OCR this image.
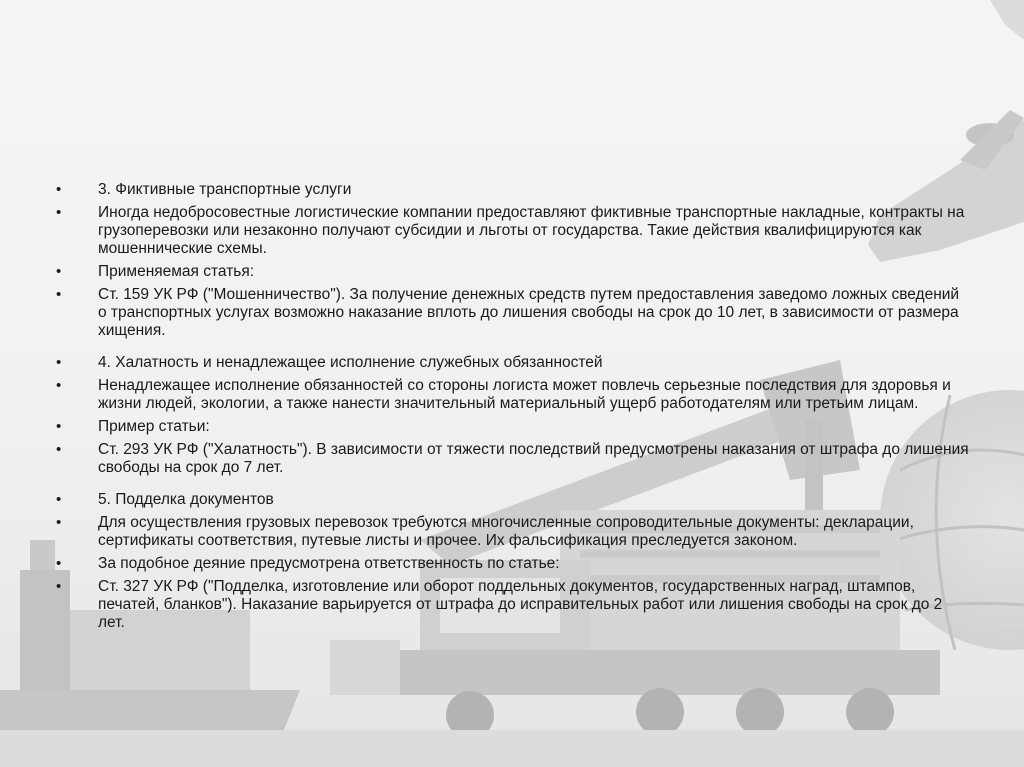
•	3. Фиктивные транспортные услуги
•	Иногда недобросовестные логистические компании предоставляют фиктивные транспортные накладные, контракты на грузоперевозки или незаконно получают субсидии и льготы от государства. Такие действия квалифицируются как мошеннические схемы.
•	Применяемая статья:
•	Ст. 159 УК РФ ("Мошенничество"). За получение денежных средств путем предоставления заведомо ложных сведений о транспортных услугах возможно наказание вплоть до лишения свободы на срок до 10 лет, в зависимости от размера хищения.
•	4. Халатность и ненадлежащее исполнение служебных обязанностей
•	Ненадлежащее исполнение обязанностей со стороны логиста может повлечь серьезные последствия для здоровья и жизни людей, экологии, а также нанести значительный материальный ущерб работодателям или третьим лицам.
•	Пример статьи:
•	Ст. 293 УК РФ ("Халатность"). В зависимости от тяжести последствий предусмотрены наказания от штрафа до лишения свободы на срок до 7 лет.
•	5. Подделка документов
•	Для осуществления грузовых перевозок требуются многочисленные сопроводительные документы: декларации, сертификаты соответствия, путевые листы и прочее. Их фальсификация преследуется законом.
•	За подобное деяние предусмотрена ответственность по статье:
•	Ст. 327 УК РФ ("Подделка, изготовление или оборот поддельных документов, государственных наград, штампов, печатей, бланков"). Наказание варьируется от штрафа до исправительных работ или лишения свободы на срок до 2 лет.
